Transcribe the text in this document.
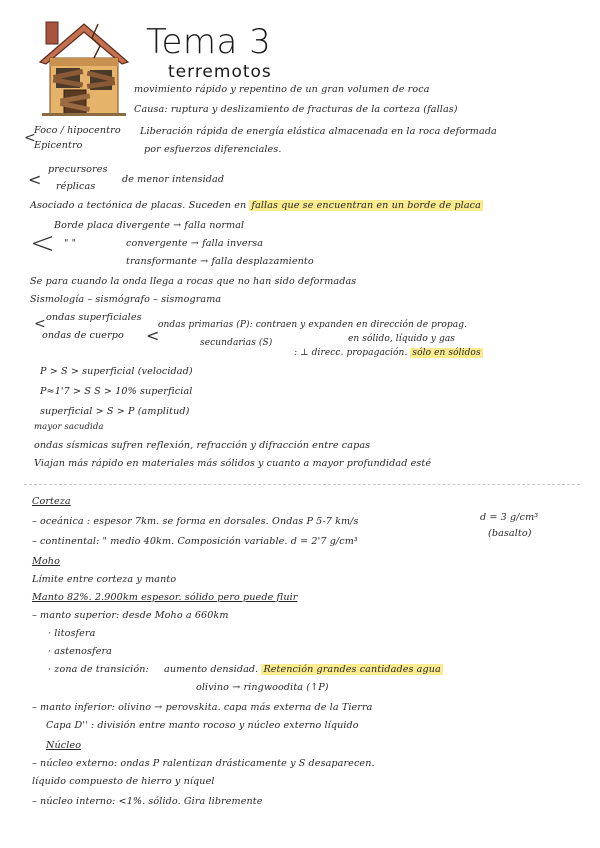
Tema 3
terremotos
movimiento rápido y repentino de un gran volumen de roca
Causa: ruptura y deslizamiento de fracturas de la corteza (fallas)
<
Foco / hipocentro
Epicentro
Liberación rápida de energía elástica almacenada en la roca deformada
por esfuerzos diferenciales.
<
precursores
réplicas
de menor intensidad
Asociado a tectónica de placas. Suceden en fallas que se encuentran en un borde de placa
<
Borde placa divergente → falla normal
" "	convergente → falla inversa
transformante → falla desplazamiento
Se para cuando la onda llega a rocas que no han sido deformadas
Sismología – sismógrafo – sismograma
< ondas superficiales
ondas de cuerpo <
ondas primarias (P): contraen y expanden en dirección de propag.
en sólido, líquido y gas
secundarias (S)
: ⊥ direcc. propagación. sólo en sólidos
P > S > superficial (velocidad)
P≈1'7 > S S > 10% superficial
superficial > S > P (amplitud)
mayor sacudida
ondas sísmicas sufren reflexión, refracción y difracción entre capas
Viajan más rápido en materiales más sólidos y cuanto a mayor profundidad esté
Corteza
– oceánica : espesor 7km. se forma en dorsales. Ondas P 5-7 km/s	d = 3 g/cm³
(basalto)
– continental: " medio 40km. Composición variable. d = 2'7 g/cm³
Moho
Límite entre corteza y manto
Manto 82%. 2.900km espesor. sólido pero puede fluir
– manto superior: desde Moho a 660km
· litosfera
· astenosfera
· zona de transición: aumento densidad. Retención grandes cantidades agua
olivino → ringwoodita (↑P)
– manto inferior: olivino → perovskita. capa más externa de la Tierra
Capa D'' : división entre manto rocoso y núcleo externo líquido
Núcleo
– núcleo externo: ondas P ralentizan drásticamente y S desaparecen.
líquido compuesto de hierro y níquel
– núcleo interno: <1%. sólido. Gira libremente
